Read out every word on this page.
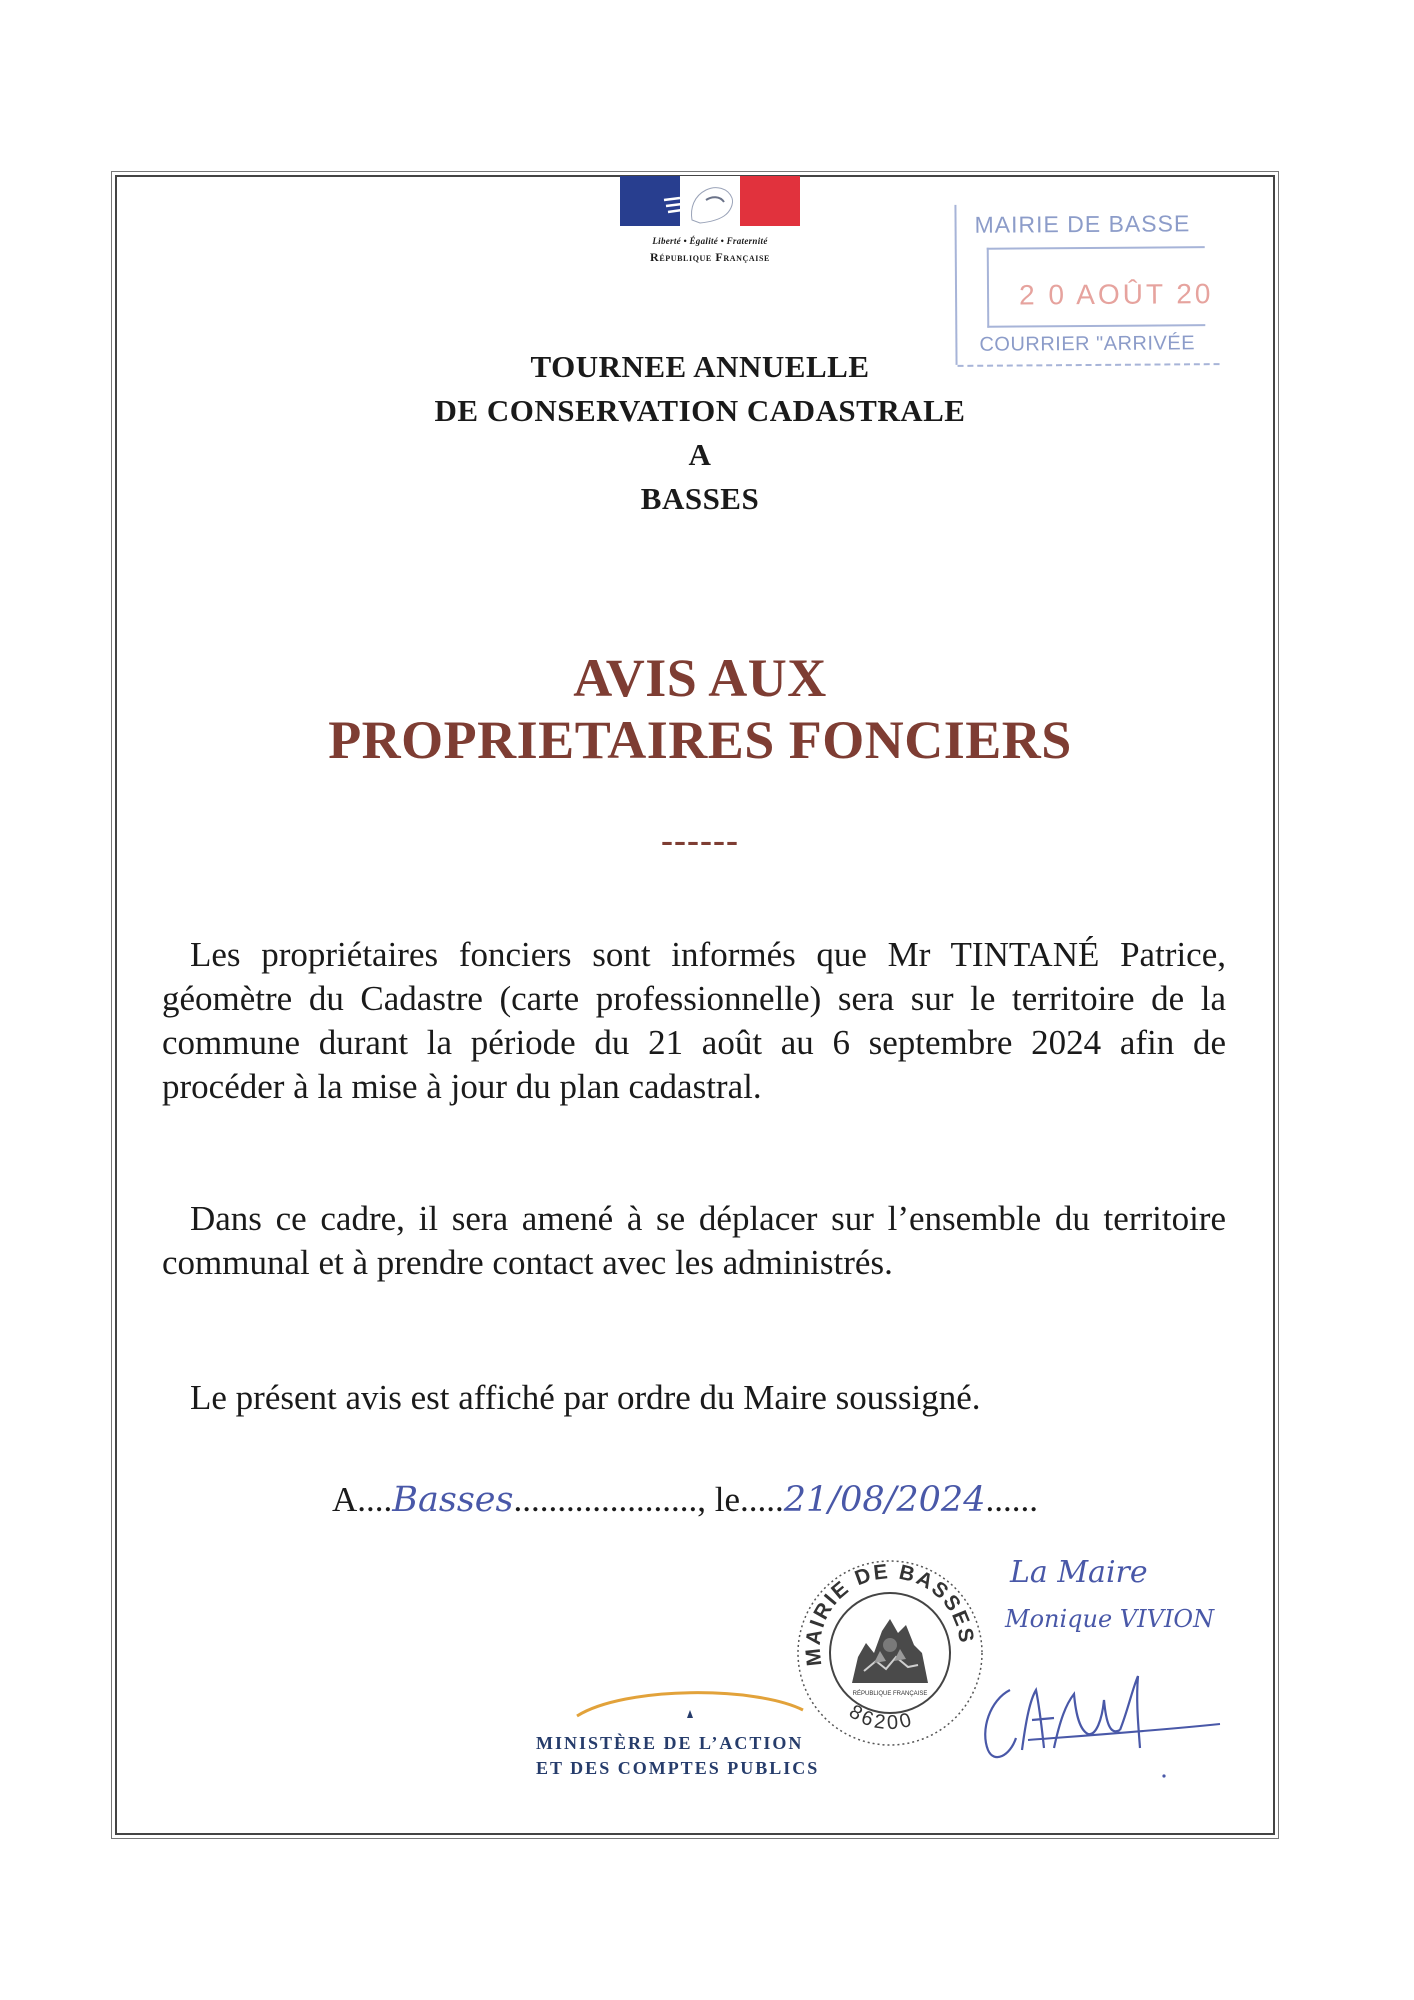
Liberté • Égalité • Fraternité
République Française
MAIRIE DE BASSE
2 0 AOÛT 20
COURRIER "ARRIVÉE
TOURNEE ANNUELLE
DE CONSERVATION CADASTRALE
A
BASSES
AVIS AUX
PROPRIETAIRES FONCIERS
------

Les propriétaires fonciers sont informés que Mr TINTANÉ Patrice, géomètre du Cadastre (carte professionnelle) sera sur le territoire de la commune durant la période du 21 août au 6 septembre 2024 afin de procéder à la mise à jour du plan cadastral.

Dans ce cadre, il sera amené à se déplacer sur l’ensemble du territoire communal et à prendre contact avec les administrés.

Le présent avis est affiché par ordre du Maire soussigné.

A....Basses....................., le.....21/08/2024......
MAIRIE DE BASSES
86200
RÉPUBLIQUE FRANÇAISE
La Maire
Monique VIVION
MINISTÈRE DE L’ACTION
ET DES COMPTES PUBLICS
